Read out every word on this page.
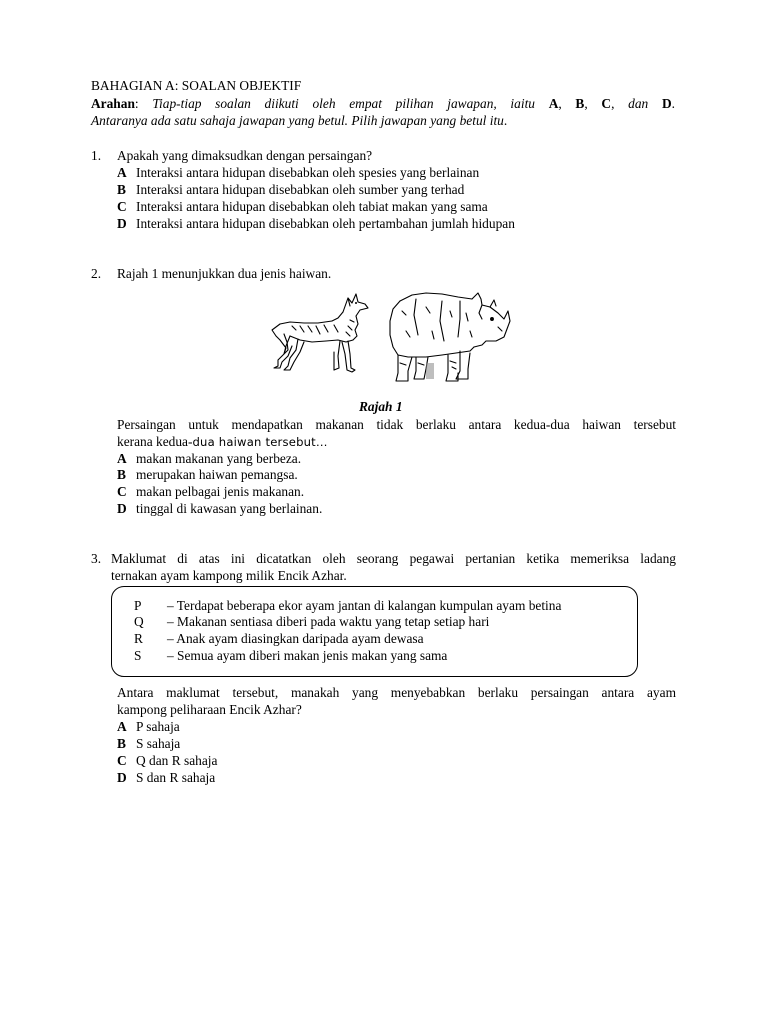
BAHAGIAN A: SOALAN OBJEKTIF
Arahan: Tiap-tiap soalan diikuti oleh empat pilihan jawapan, iaitu A, B, C, dan D.
Antaranya ada satu sahaja jawapan yang betul. Pilih jawapan yang betul itu.
1. Apakah yang dimaksudkan dengan persaingan?
A Interaksi antara hidupan disebabkan oleh spesies yang berlainan
B Interaksi antara hidupan disebabkan oleh sumber yang terhad
C Interaksi antara hidupan disebabkan oleh tabiat makan yang sama
D Interaksi antara hidupan disebabkan oleh pertambahan jumlah hidupan
2. Rajah 1 menunjukkan dua jenis haiwan.
Rajah 1
Persaingan untuk mendapatkan makanan tidak berlaku antara kedua-dua haiwan tersebut
kerana kedua-dua haiwan tersebut…
A makan makanan yang berbeza.
B merupakan haiwan pemangsa.
C makan pelbagai jenis makanan.
D tinggal di kawasan yang berlainan.
3. Maklumat di atas ini dicatatkan oleh seorang pegawai pertanian ketika memeriksa ladang
ternakan ayam kampong milik Encik Azhar.
P – Terdapat beberapa ekor ayam jantan di kalangan kumpulan ayam betina
Q – Makanan sentiasa diberi pada waktu yang tetap setiap hari
R – Anak ayam diasingkan daripada ayam dewasa
S – Semua ayam diberi makan jenis makan yang sama
Antara maklumat tersebut, manakah yang menyebabkan berlaku persaingan antara ayam
kampong peliharaan Encik Azhar?
A P sahaja
B S sahaja
C Q dan R sahaja
D S dan R sahaja
